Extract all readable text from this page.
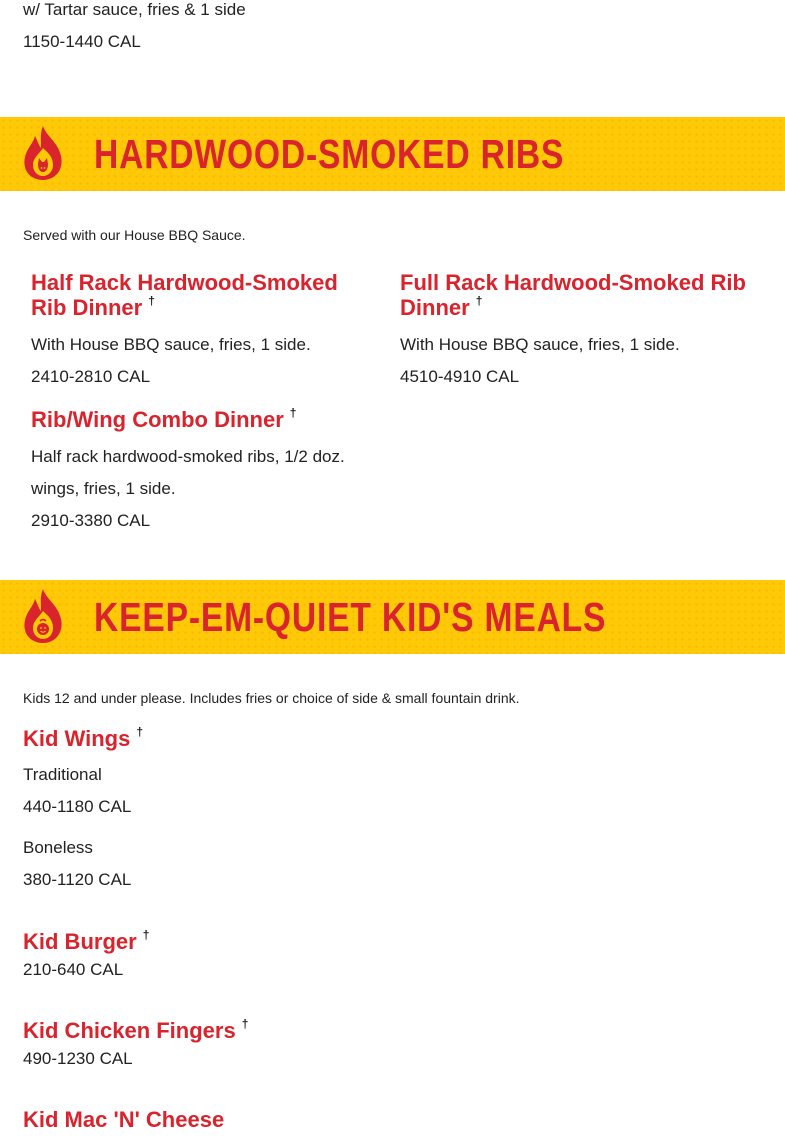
w/ Tartar sauce, fries & 1 side
1150-1440 CAL
HARDWOOD-SMOKED RIBS
Served with our House BBQ Sauce.
Half Rack Hardwood-Smoked
Rib Dinner †
With House BBQ sauce, fries, 1 side.
2410-2810 CAL
Full Rack Hardwood-Smoked Rib
Dinner †
With House BBQ sauce, fries, 1 side.
4510-4910 CAL
Rib/Wing Combo Dinner †
Half rack hardwood-smoked ribs, 1/2 doz.
wings, fries, 1 side.
2910-3380 CAL
KEEP-EM-QUIET KID'S MEALS
Kids 12 and under please. Includes fries or choice of side & small fountain drink.
Kid Wings †
Traditional
440-1180 CAL
Boneless
380-1120 CAL
Kid Burger †
210-640 CAL
Kid Chicken Fingers †
490-1230 CAL
Kid Mac 'N' Cheese
